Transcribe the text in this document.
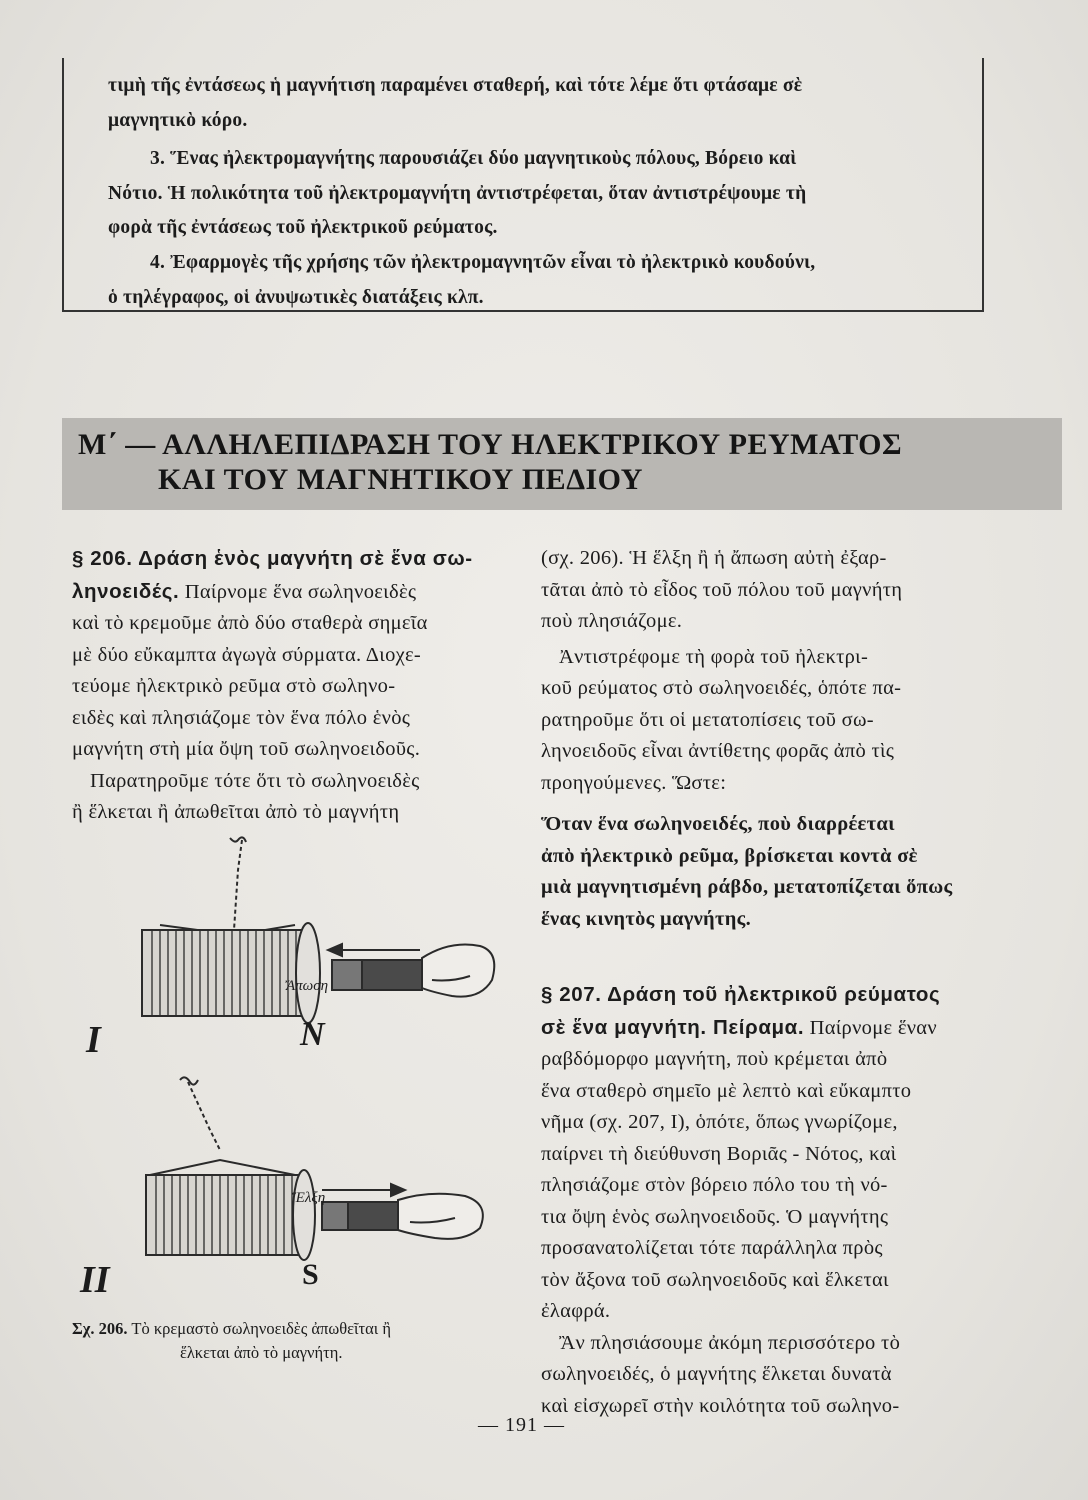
τιμὴ τῆς ἐντάσεως ἡ μαγνήτιση παραμένει σταθερή, καὶ τότε λέμε ὅτι φτάσαμε σὲ

μαγνητικὸ κόρο.

3. Ἕνας ἠλεκτρομαγνήτης παρουσιάζει δύο μαγνητικοὺς πόλους, Βόρειο καὶ

Νότιο. Ἡ πολικότητα τοῦ ἠλεκτρομαγνήτη ἀντιστρέφεται, ὅταν ἀντιστρέψουμε τὴ

φορὰ τῆς ἐντάσεως τοῦ ἠλεκτρικοῦ ρεύματος.

4. Ἐφαρμογὲς τῆς χρήσης τῶν ἠλεκτρομαγνητῶν εἶναι τὸ ἠλεκτρικὸ κουδούνι,

ὁ τηλέγραφος, οἱ ἀνυψωτικὲς διατάξεις κλπ.

Μ΄ — ΑΛΛΗΛΕΠΙΔΡΑΣΗ ΤΟΥ ΗΛΕΚΤΡΙΚΟΥ ΡΕΥΜΑΤΟΣ
ΚΑΙ ΤΟΥ ΜΑΓΝΗΤΙΚΟΥ ΠΕΔΙΟΥ
§ 206. Δράση ἑνὸς μαγνήτη σὲ ἕνα σω-
ληνοειδές. Παίρνομε ἕνα σωληνοειδὲς
καὶ τὸ κρεμοῦμε ἀπὸ δύο σταθερὰ σημεῖα
μὲ δύο εὔκαμπτα ἀγωγὰ σύρματα. Διοχε-
τεύομε ἠλεκτρικὸ ρεῦμα στὸ σωληνο-
ειδὲς καὶ πλησιάζομε τὸν ἕνα πόλο ἑνὸς
μαγνήτη στὴ μία ὄψη τοῦ σωληνοειδοῦς.
Παρατηροῦμε τότε ὅτι τὸ σωληνοειδὲς
ἢ ἕλκεται ἢ ἀπωθεῖται ἀπὸ τὸ μαγνήτη
Ἄπωση
Ἕλξη
I	N
II	S

Σχ. 206. Τὸ κρεμαστὸ σωληνοειδὲς ἀπωθεῖται ἢ
ἕλκεται ἀπὸ τὸ μαγνήτη.

(σχ. 206). Ἡ ἕλξη ἢ ἡ ἄπωση αὐτὴ ἐξαρ-
τᾶται ἀπὸ τὸ εἶδος τοῦ πόλου τοῦ μαγνήτη
ποὺ πλησιάζομε.
Ἀντιστρέφομε τὴ φορὰ τοῦ ἠλεκτρι-
κοῦ ρεύματος στὸ σωληνοειδές, ὁπότε πα-
ρατηροῦμε ὅτι οἱ μετατοπίσεις τοῦ σω-
ληνοειδοῦς εἶναι ἀντίθετης φορᾶς ἀπὸ τὶς
προηγούμενες. Ὥστε:
Ὅταν ἕνα σωληνοειδές, ποὺ διαρρέεται
ἀπὸ ἠλεκτρικὸ ρεῦμα, βρίσκεται κοντὰ σὲ
μιὰ μαγνητισμένη ράβδο, μετατοπίζεται ὅπως
ἕνας κινητὸς μαγνήτης.
§ 207. Δράση τοῦ ἠλεκτρικοῦ ρεύματος
σὲ ἕνα μαγνήτη. Πείραμα. Παίρνομε ἕναν
ραβδόμορφο μαγνήτη, ποὺ κρέμεται ἀπὸ
ἕνα σταθερὸ σημεῖο μὲ λεπτὸ καὶ εὔκαμπτο
νῆμα (σχ. 207, I), ὁπότε, ὅπως γνωρίζομε,
παίρνει τὴ διεύθυνση Βοριᾶς - Νότος, καὶ
πλησιάζομε στὸν βόρειο πόλο του τὴ νό-
τια ὄψη ἑνὸς σωληνοειδοῦς. Ὁ μαγνήτης
προσανατολίζεται τότε παράλληλα πρὸς
τὸν ἄξονα τοῦ σωληνοειδοῦς καὶ ἕλκεται
ἐλαφρά.
Ἂν πλησιάσουμε ἀκόμη περισσότερο τὸ
σωληνοειδές, ὁ μαγνήτης ἕλκεται δυνατὰ
καὶ εἰσχωρεῖ στὴν κοιλότητα τοῦ σωληνο-
— 191 —
